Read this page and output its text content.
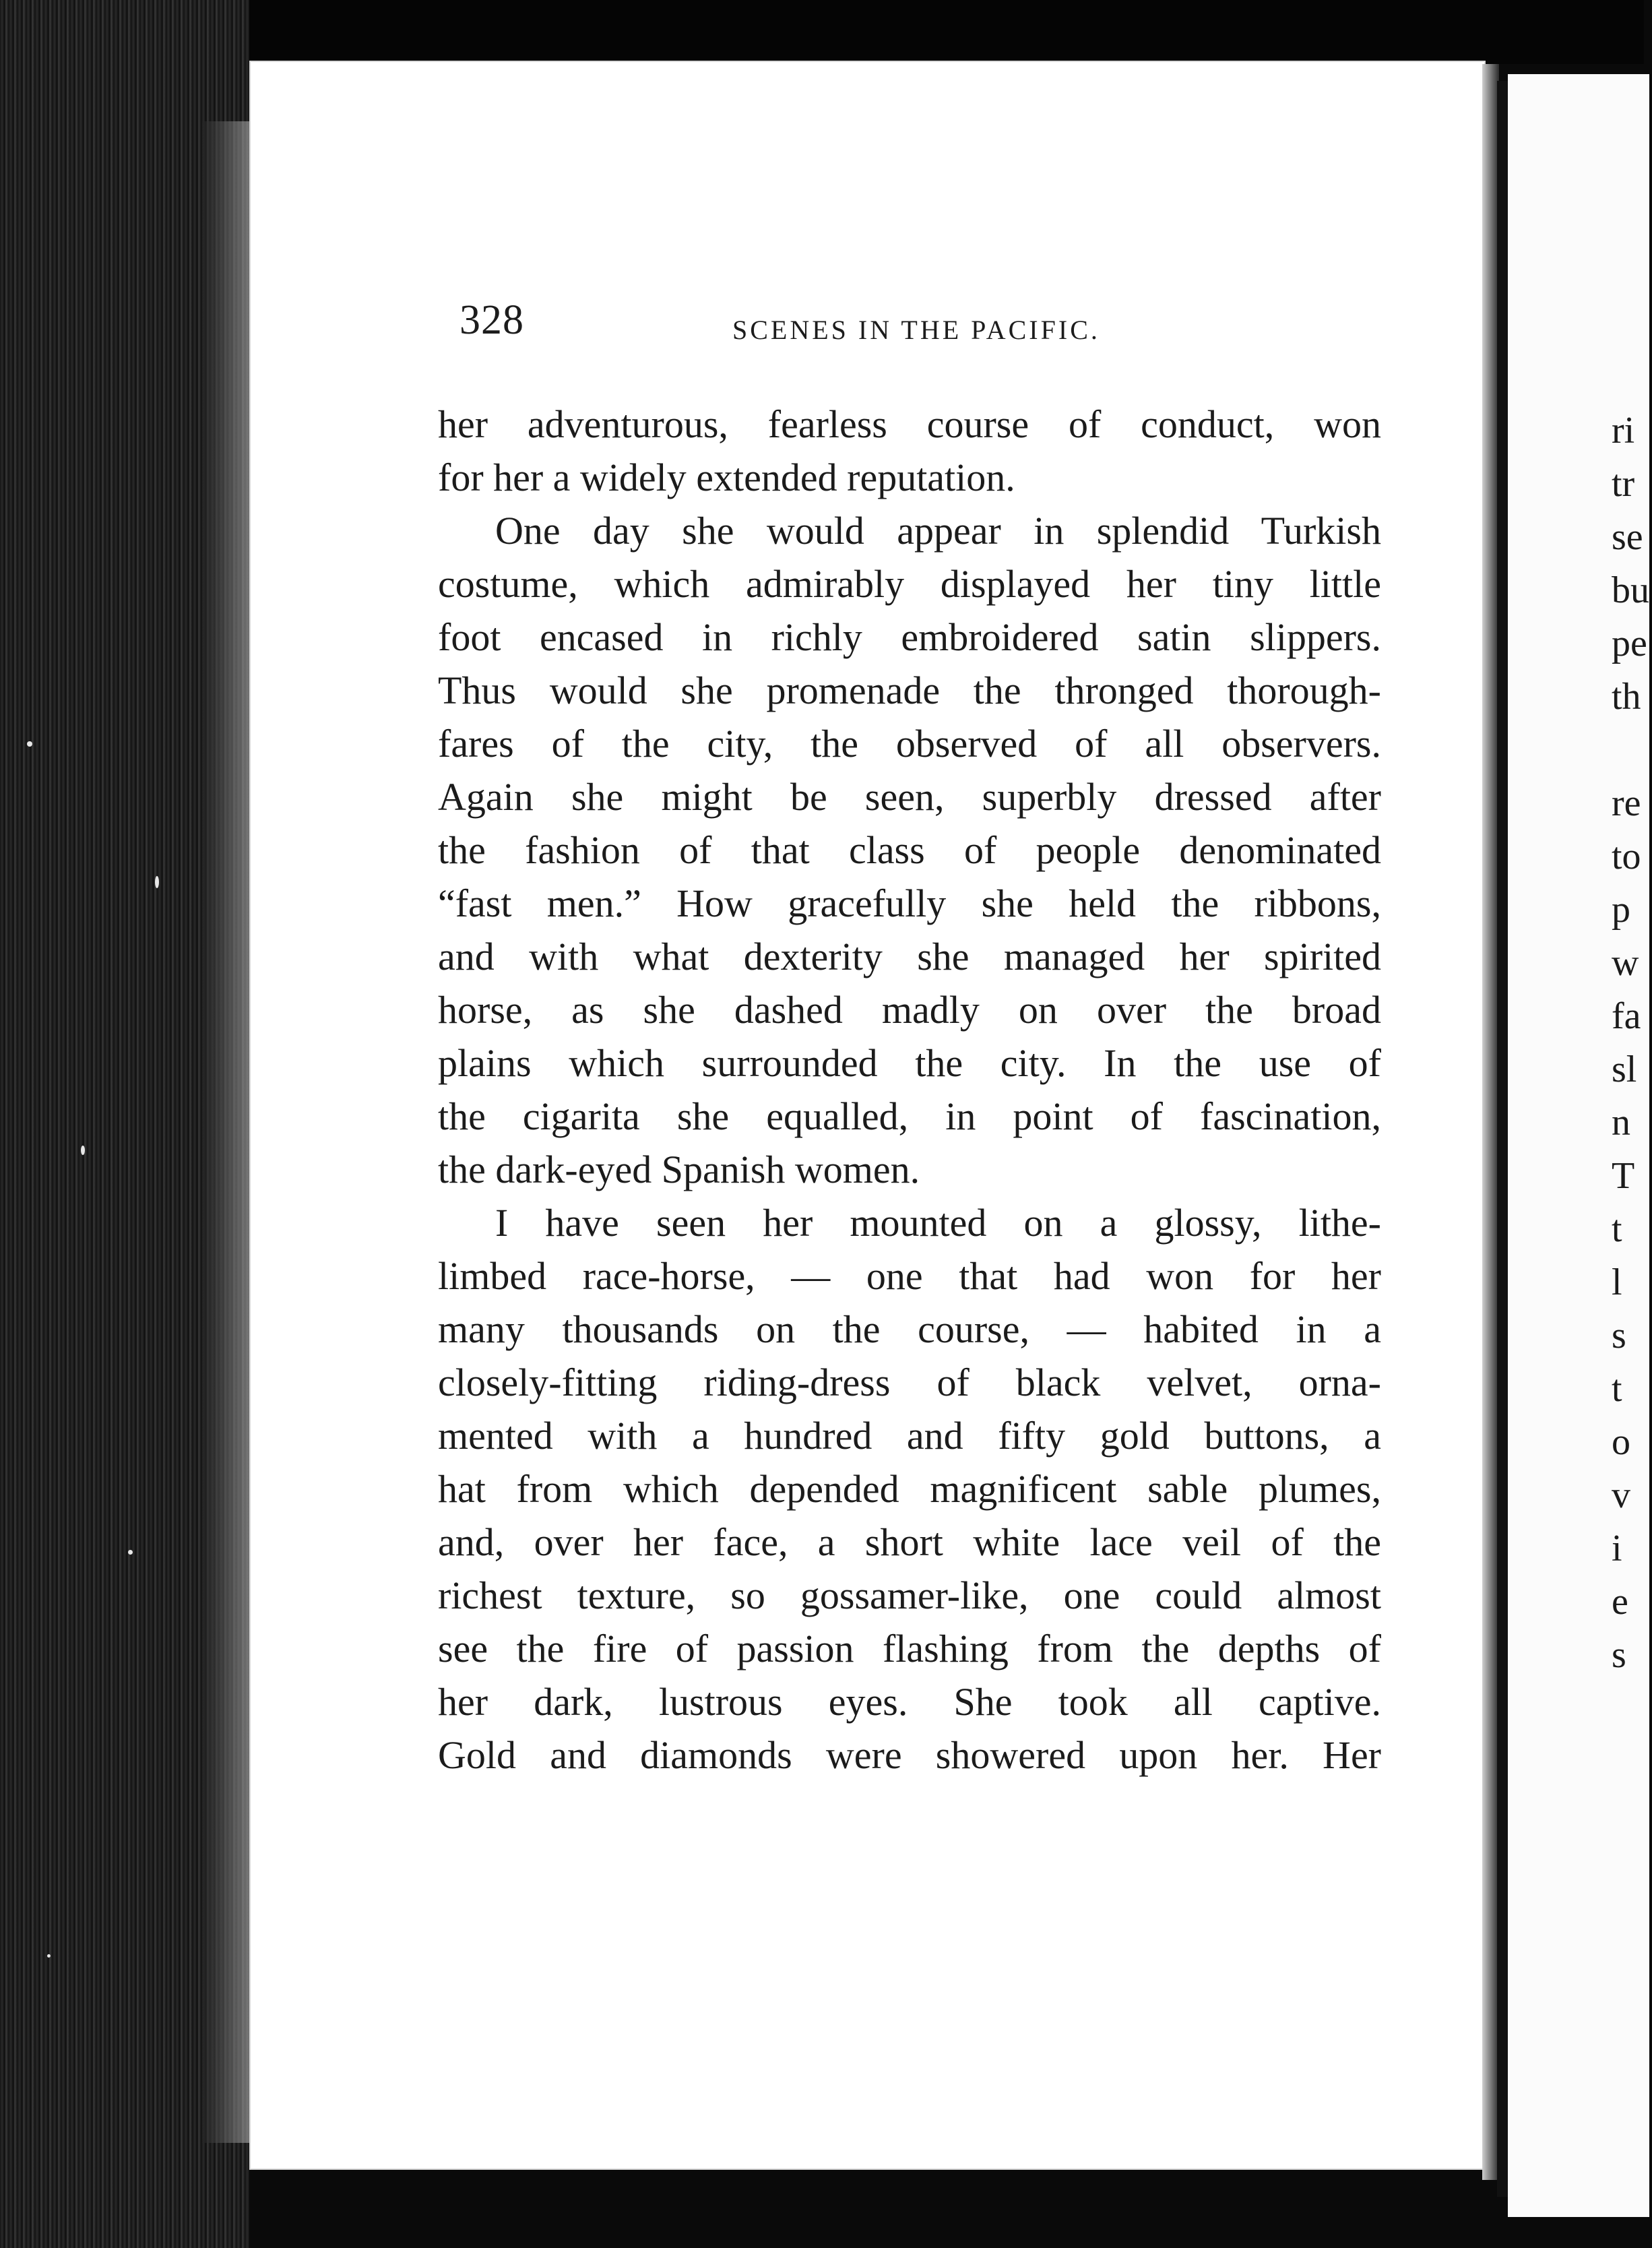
328	SCENES IN THE PACIFIC.
her adventurous, fearless course of conduct, won
for her a widely extended reputation.
One day she would appear in splendid Turkish
costume, which admirably displayed her tiny little
foot encased in richly embroidered satin slippers.
Thus would she promenade the thronged thorough-
fares of the city, the observed of all observers.
Again she might be seen, superbly dressed after
the fashion of that class of people denominated
“fast men.” How gracefully she held the ribbons,
and with what dexterity she managed her spirited
horse, as she dashed madly on over the broad
plains which surrounded the city. In the use of
the cigarita she equalled, in point of fascination,
the dark-eyed Spanish women.
I have seen her mounted on a glossy, lithe-
limbed race-horse, — one that had won for her
many thousands on the course, — habited in a
closely-fitting riding-dress of black velvet, orna-
mented with a hundred and fifty gold buttons, a
hat from which depended magnificent sable plumes,
and, over her face, a short white lace veil of the
richest texture, so gossamer-like, one could almost
see the fire of passion flashing from the depths of
her dark, lustrous eyes. She took all captive.
Gold and diamonds were showered upon her. Her
ri
tr
se
bu
pe
th
re
to
p
w
fa
sl
n
T
t
l
s
t
o
v
i
e
s
